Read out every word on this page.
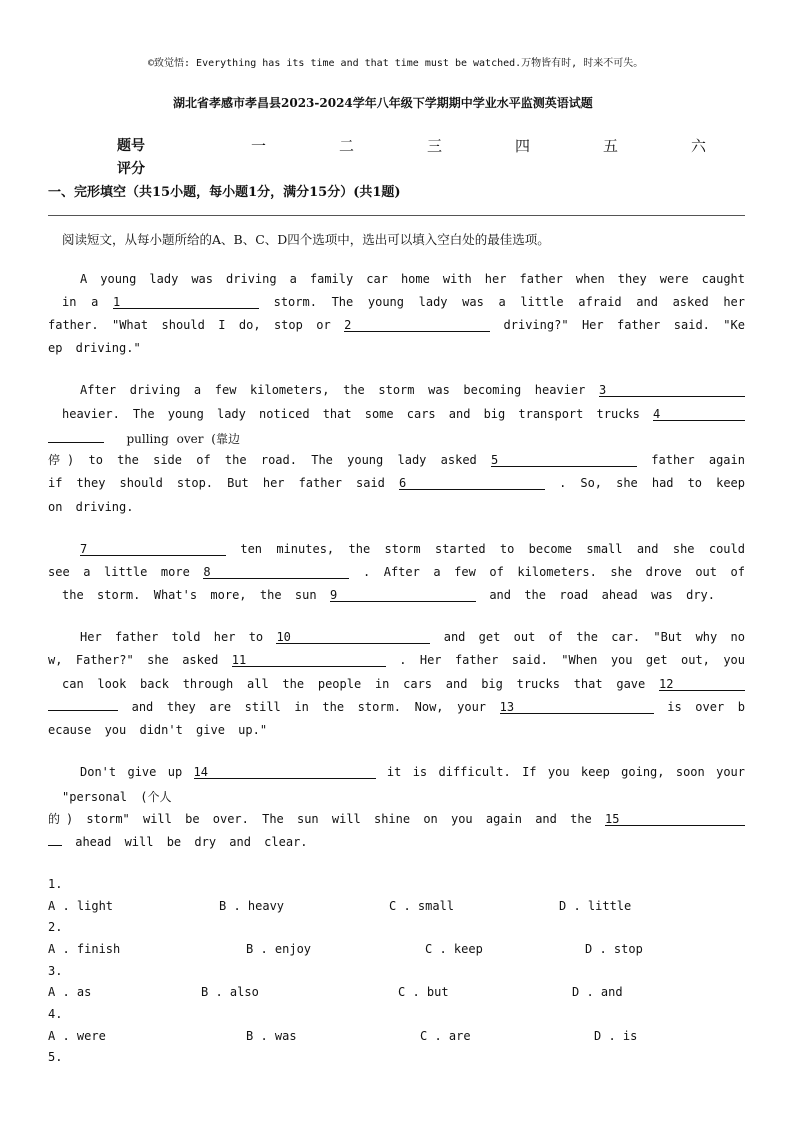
©致觉悟: Everything has its time and that time must be watched.万物皆有时, 时来不可失。
湖北省孝感市孝昌县2023-2024学年八年级下学期期中学业水平监测英语试题
题号	一	二	三	四	五	六
评分
一、完形填空（共15小题，每小题1分，满分15分）(共1题)
阅读短文，从每小题所给的A、B、C、D四个选项中，选出可以填入空白处的最佳选项。
A young lady was driving a family car home with her father when they were caught
in a 1	storm. The young lady was a little afraid and asked her
father. "What should I do, stop or 2	driving?" Her father said. "Ke
ep driving."
After driving a few kilometers, the storm was becoming heavier 3
heavier. The young lady noticed that some cars and big transport trucks 4
pulling over (靠边
停) to the side of the road. The young lady asked 5	father again
if they should stop. But her father said 6	. So, she had to keep
on driving.
7	ten minutes, the storm started to become small and she could
see a little more 8	. After a few of kilometers. she drove out of
the storm. What's more, the sun 9	and the road ahead was dry.
Her father told her to 10	and get out of the car. "But why no
w, Father?" she asked 11	. Her father said. "When you get out, you
can look back through all the people in cars and big trucks that gave 12
and they are still in the storm. Now, your 13	is over b
ecause you didn't give up."
Don't give up 14	it is difficult. If you keep going, soon your
"personal (个人
的) storm" will be over. The sun will shine on you again and the 15
ahead will be dry and clear.
1.
A . light	B . heavy	C . small	D . little
2.
A . finish	B . enjoy	C . keep	D . stop
3.
A . as	B . also	C . but	D . and
4.
A . were	B . was	C . are	D . is
5.
